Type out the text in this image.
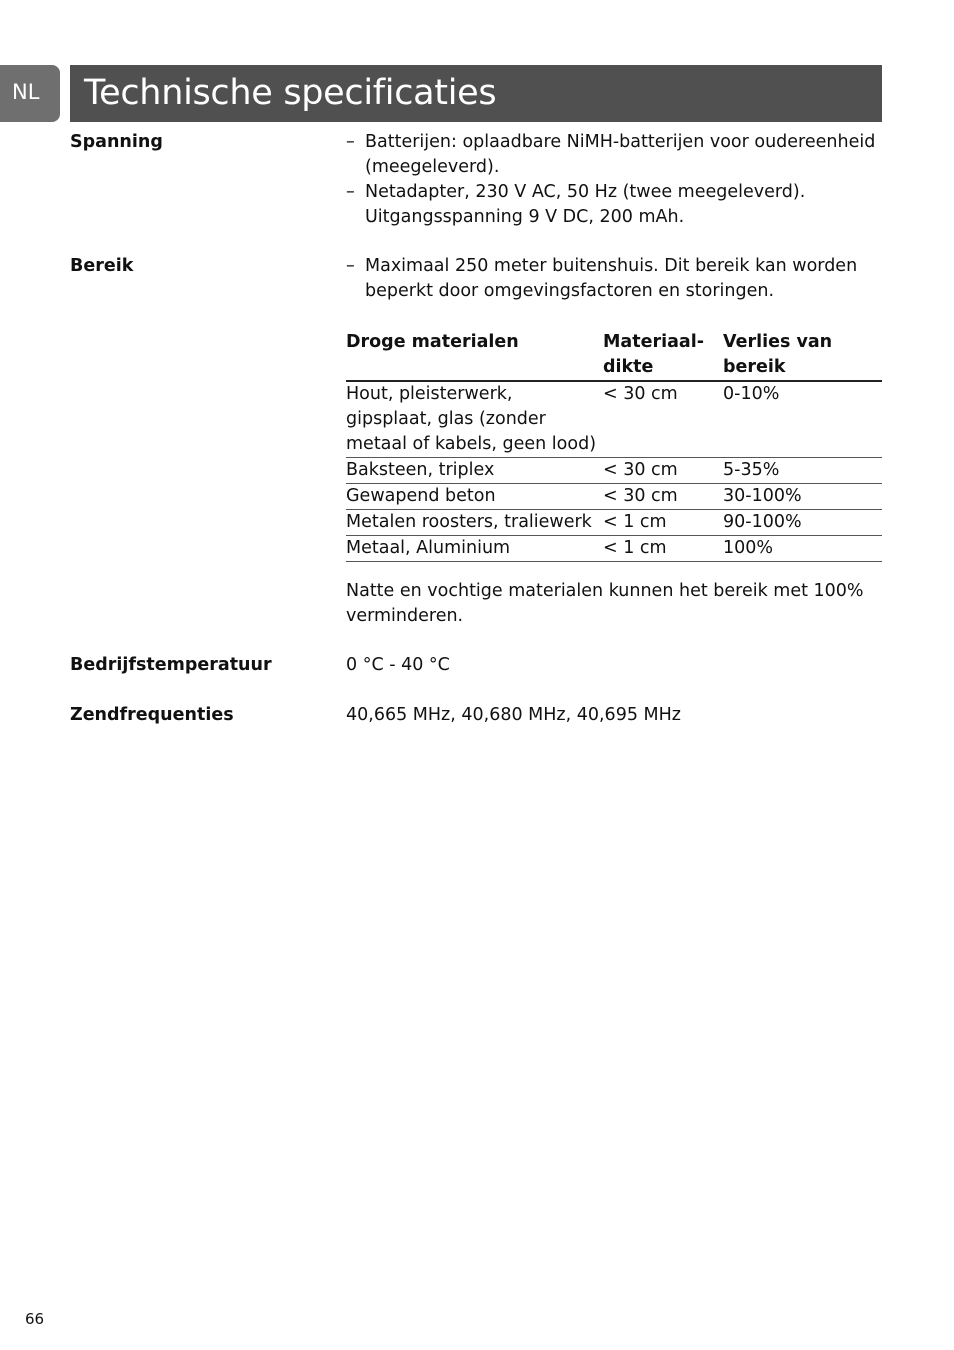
NL Technische specificaties
Spanning	– Batterijen: oplaadbare NiMH-batterijen voor oudereenheid (meegeleverd).
– Netadapter, 230 V AC, 50 Hz (twee meegeleverd). Uitgangsspanning 9 V DC, 200 mAh.
Bereik	– Maximaal 250 meter buitenshuis. Dit bereik kan worden beperkt door omgevingsfactoren en storingen.
Droge materialen	Materiaal-dikte	Verlies van bereik
Hout, pleisterwerk, gipsplaat, glas (zonder metaal of kabels, geen lood)	< 30 cm	0-10%
Baksteen, triplex	< 30 cm	5-35%
Gewapend beton	< 30 cm	30-100%
Metalen roosters, traliewerk	< 1 cm	90-100%
Metaal, Aluminium	< 1 cm	100%
Natte en vochtige materialen kunnen het bereik met 100% verminderen.
Bedrijfstemperatuur	0 °C - 40 °C
Zendfrequenties	40,665 MHz, 40,680 MHz, 40,695 MHz
66
